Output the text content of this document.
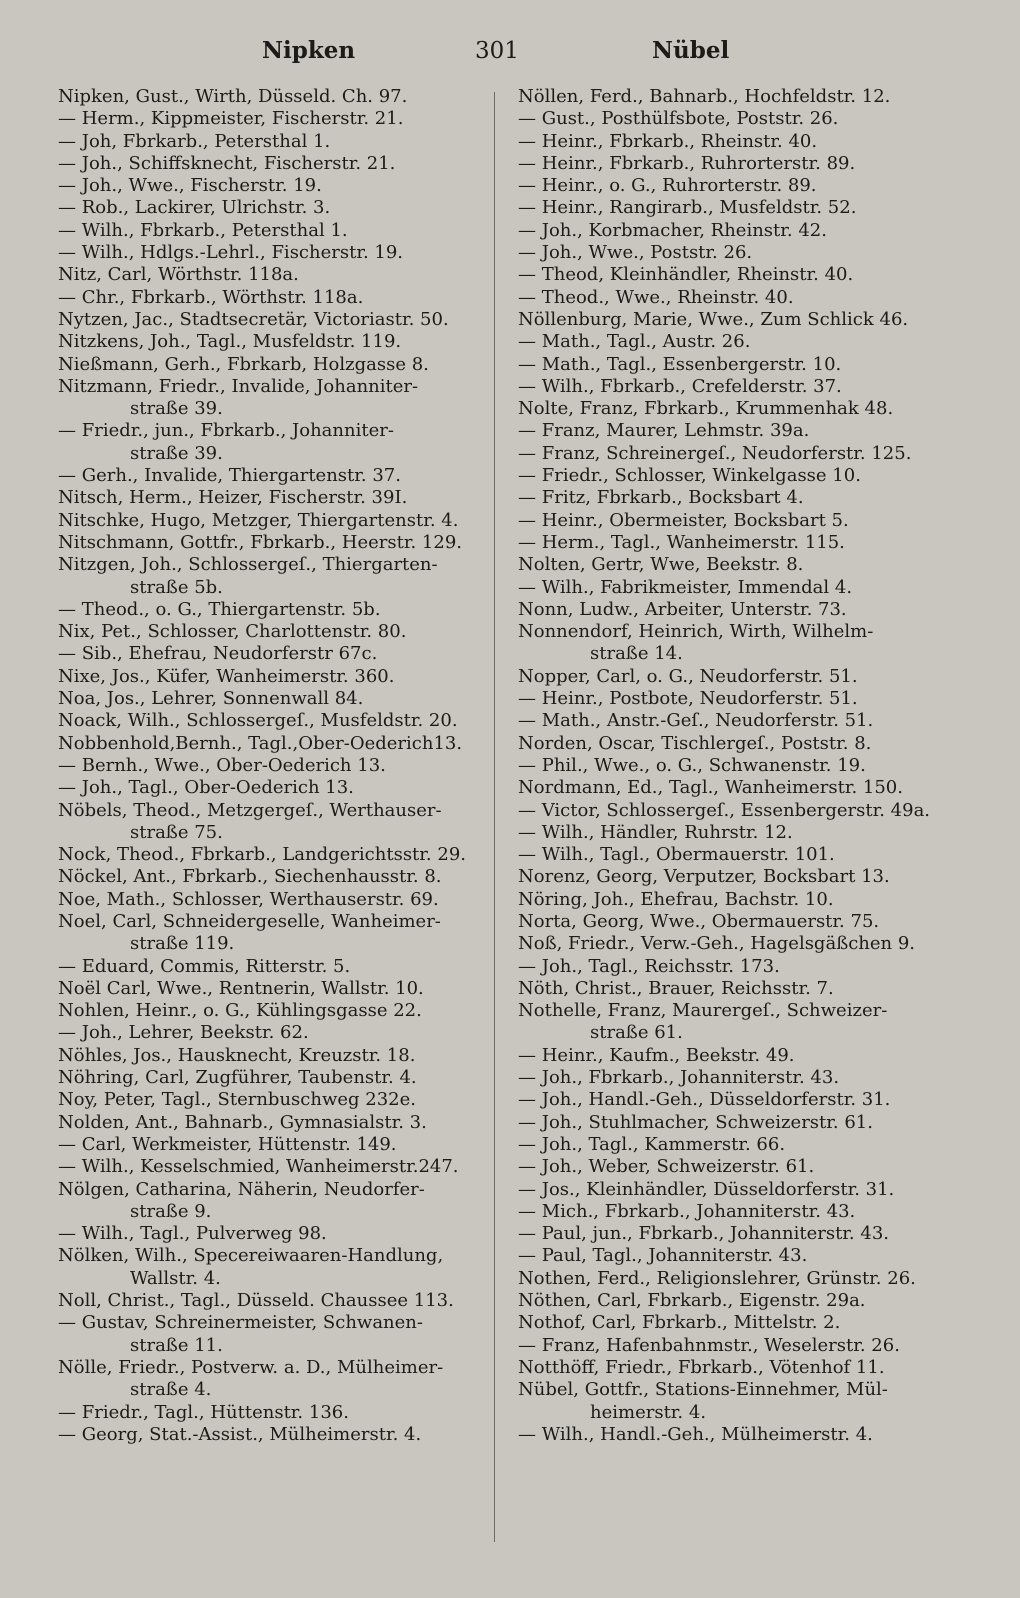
Nipken	301	Nübel
Nipken, Gust., Wirth, Düsseld. Ch. 97.
— Herm., Kippmeister, Fischerstr. 21.
— Joh, Fbrkarb., Petersthal 1.
— Joh., Schiffsknecht, Fischerstr. 21.
— Joh., Wwe., Fischerstr. 19.
— Rob., Lackirer, Ulrichstr. 3.
— Wilh., Fbrkarb., Petersthal 1.
— Wilh., Hdlgs.-Lehrl., Fischerstr. 19.
Nitz, Carl, Wörthstr. 118a.
— Chr., Fbrkarb., Wörthstr. 118a.
Nytzen, Jac., Stadtsecretär, Victoriastr. 50.
Nitzkens, Joh., Tagl., Musfeldstr. 119.
Nießmann, Gerh., Fbrkarb, Holzgasse 8.
Nitzmann, Friedr., Invalide, Johanniter-
straße 39.
— Friedr., jun., Fbrkarb., Johanniter-
straße 39.
— Gerh., Invalide, Thiergartenstr. 37.
Nitsch, Herm., Heizer, Fischerstr. 39I.
Nitschke, Hugo, Metzger, Thiergartenstr. 4.
Nitschmann, Gottfr., Fbrkarb., Heerstr. 129.
Nitzgen, Joh., Schlossergeſ., Thiergarten-
straße 5b.
— Theod., o. G., Thiergartenstr. 5b.
Nix, Pet., Schlosser, Charlottenstr. 80.
— Sib., Ehefrau, Neudorferstr 67c.
Nixe, Jos., Küfer, Wanheimerstr. 360.
Noa, Jos., Lehrer, Sonnenwall 84.
Noack, Wilh., Schlossergeſ., Musfeldstr. 20.
Nobbenhold,Bernh., Tagl.,Ober-Oederich13.
— Bernh., Wwe., Ober-Oederich 13.
— Joh., Tagl., Ober-Oederich 13.
Nöbels, Theod., Metzgergeſ., Werthauser-
straße 75.
Nock, Theod., Fbrkarb., Landgerichtsstr. 29.
Nöckel, Ant., Fbrkarb., Siechenhausstr. 8.
Noe, Math., Schlosser, Werthauserstr. 69.
Noel, Carl, Schneidergeselle, Wanheimer-
straße 119.
— Eduard, Commis, Ritterstr. 5.
Noël Carl, Wwe., Rentnerin, Wallstr. 10.
Nohlen, Heinr., o. G., Kühlingsgasse 22.
— Joh., Lehrer, Beekstr. 62.
Nöhles, Jos., Hausknecht, Kreuzstr. 18.
Nöhring, Carl, Zugführer, Taubenstr. 4.
Noy, Peter, Tagl., Sternbuschweg 232e.
Nolden, Ant., Bahnarb., Gymnasialstr. 3.
— Carl, Werkmeister, Hüttenstr. 149.
— Wilh., Kesselschmied, Wanheimerstr.247.
Nölgen, Catharina, Näherin, Neudorfer-
straße 9.
— Wilh., Tagl., Pulverweg 98.
Nölken, Wilh., Specereiwaaren-Handlung,
Wallstr. 4.
Noll, Christ., Tagl., Düsseld. Chaussee 113.
— Gustav, Schreinermeister, Schwanen-
straße 11.
Nölle, Friedr., Postverw. a. D., Mülheimer-
straße 4.
— Friedr., Tagl., Hüttenstr. 136.
— Georg, Stat.-Assist., Mülheimerstr. 4.
Nöllen, Ferd., Bahnarb., Hochfeldstr. 12.
— Gust., Posthülfsbote, Poststr. 26.
— Heinr., Fbrkarb., Rheinstr. 40.
— Heinr., Fbrkarb., Ruhrorterstr. 89.
— Heinr., o. G., Ruhrorterstr. 89.
— Heinr., Rangirarb., Musfeldstr. 52.
— Joh., Korbmacher, Rheinstr. 42.
— Joh., Wwe., Poststr. 26.
— Theod, Kleinhändler, Rheinstr. 40.
— Theod., Wwe., Rheinstr. 40.
Nöllenburg, Marie, Wwe., Zum Schlick 46.
— Math., Tagl., Austr. 26.
— Math., Tagl., Essenbergerstr. 10.
— Wilh., Fbrkarb., Crefelderstr. 37.
Nolte, Franz, Fbrkarb., Krummenhak 48.
— Franz, Maurer, Lehmstr. 39a.
— Franz, Schreinergeſ., Neudorferstr. 125.
— Friedr., Schlosser, Winkelgasse 10.
— Fritz, Fbrkarb., Bocksbart 4.
— Heinr., Obermeister, Bocksbart 5.
— Herm., Tagl., Wanheimerstr. 115.
Nolten, Gertr, Wwe, Beekstr. 8.
— Wilh., Fabrikmeister, Immendal 4.
Nonn, Ludw., Arbeiter, Unterstr. 73.
Nonnendorf, Heinrich, Wirth, Wilhelm-
straße 14.
Nopper, Carl, o. G., Neudorferstr. 51.
— Heinr., Postbote, Neudorferstr. 51.
— Math., Anstr.-Geſ., Neudorferstr. 51.
Norden, Oscar, Tischlergeſ., Poststr. 8.
— Phil., Wwe., o. G., Schwanenstr. 19.
Nordmann, Ed., Tagl., Wanheimerstr. 150.
— Victor, Schlossergeſ., Essenbergerstr. 49a.
— Wilh., Händler, Ruhrstr. 12.
— Wilh., Tagl., Obermauerstr. 101.
Norenz, Georg, Verputzer, Bocksbart 13.
Nöring, Joh., Ehefrau, Bachstr. 10.
Norta, Georg, Wwe., Obermauerstr. 75.
Noß, Friedr., Verw.-Geh., Hagelsgäßchen 9.
— Joh., Tagl., Reichsstr. 173.
Nöth, Christ., Brauer, Reichsstr. 7.
Nothelle, Franz, Maurergeſ., Schweizer-
straße 61.
— Heinr., Kaufm., Beekstr. 49.
— Joh., Fbrkarb., Johanniterstr. 43.
— Joh., Handl.-Geh., Düsseldorferstr. 31.
— Joh., Stuhlmacher, Schweizerstr. 61.
— Joh., Tagl., Kammerstr. 66.
— Joh., Weber, Schweizerstr. 61.
— Jos., Kleinhändler, Düsseldorferstr. 31.
— Mich., Fbrkarb., Johanniterstr. 43.
— Paul, jun., Fbrkarb., Johanniterstr. 43.
— Paul, Tagl., Johanniterstr. 43.
Nothen, Ferd., Religionslehrer, Grünstr. 26.
Nöthen, Carl, Fbrkarb., Eigenstr. 29a.
Nothof, Carl, Fbrkarb., Mittelstr. 2.
— Franz, Hafenbahnmstr., Weselerstr. 26.
Notthöff, Friedr., Fbrkarb., Vötenhof 11.
Nübel, Gottfr., Stations-Einnehmer, Mül-
heimerstr. 4.
— Wilh., Handl.-Geh., Mülheimerstr. 4.
